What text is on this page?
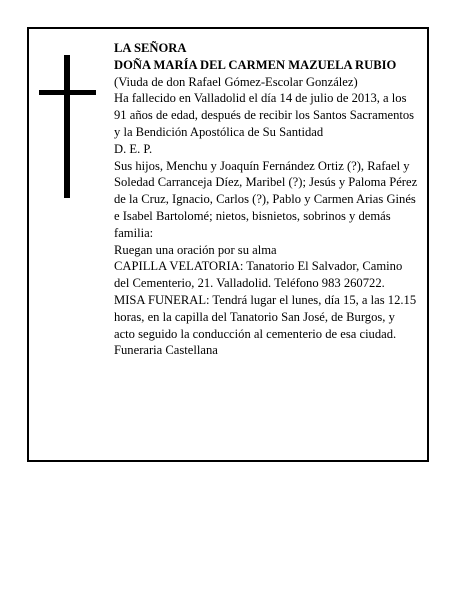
LA SEÑORA

DOÑA MARÍA DEL CARMEN MAZUELA RUBIO

(Viuda de don Rafael Gómez-Escolar González)

Ha fallecido en Valladolid el día 14 de julio de 2013, a los 91 años de edad, después de recibir los Santos Sacramentos y la Bendición Apostólica de Su Santidad

D. E. P.

Sus hijos, Menchu y Joaquín Fernández Ortiz (?), Rafael y Soledad Carranceja Díez, Maribel (?); Jesús y Paloma Pérez de la Cruz, Ignacio, Carlos (?), Pablo y Carmen Arias Ginés e Isabel Bartolomé; nietos, bisnietos, sobrinos y demás familia:

Ruegan una oración por su alma

CAPILLA VELATORIA: Tanatorio El Salvador, Camino del Cementerio, 21. Valladolid. Teléfono 983 260722.

MISA FUNERAL: Tendrá lugar el lunes, día 15, a las 12.15 horas, en la capilla del Tanatorio San José, de Burgos, y acto seguido la conducción al cementerio de esa ciudad.

Funeraria Castellana
